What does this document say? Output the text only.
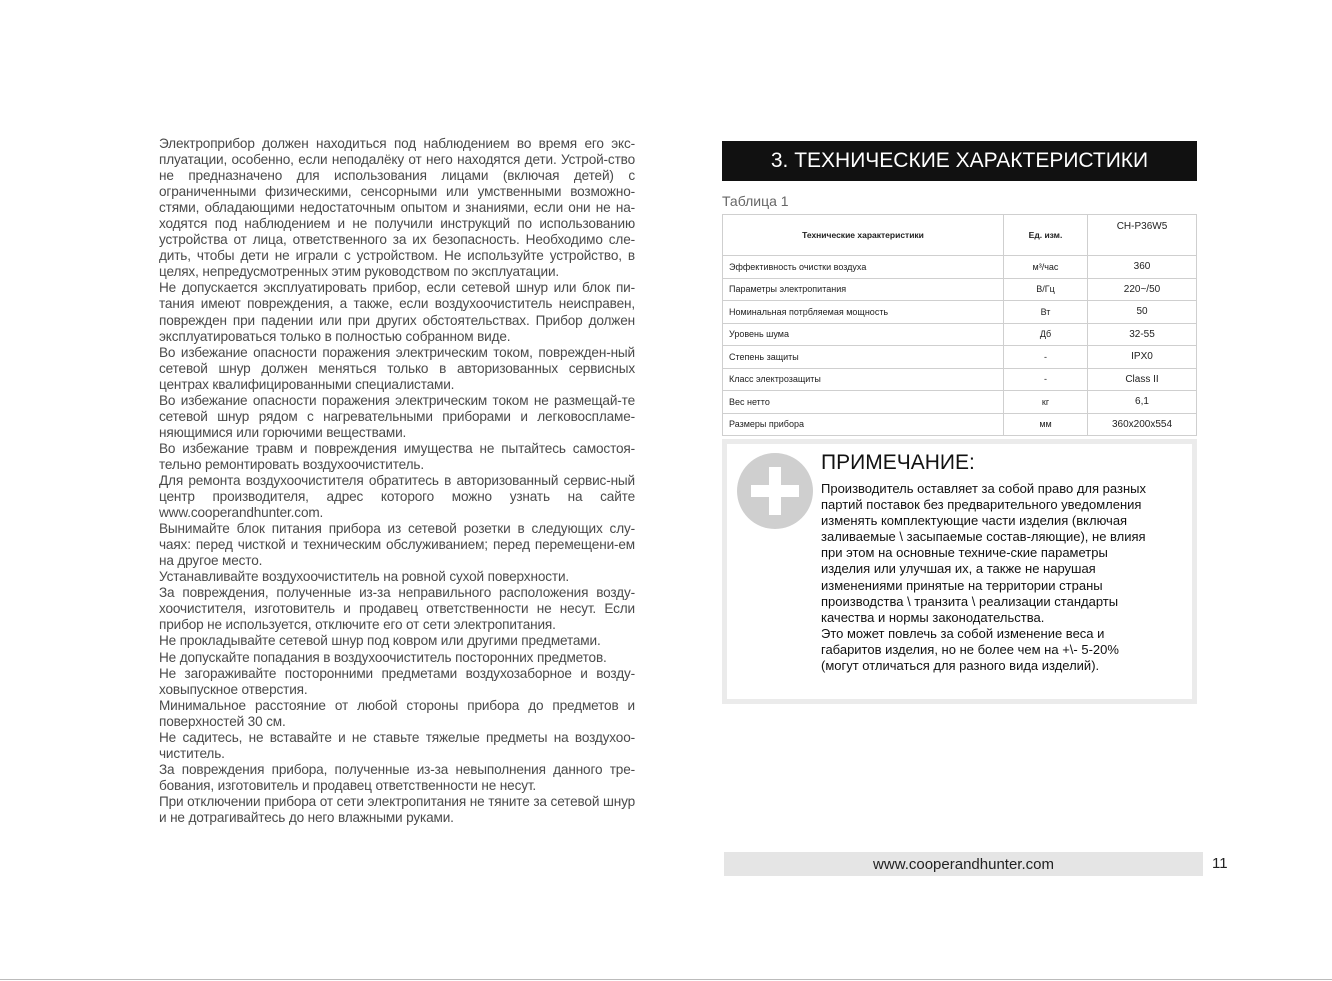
Электроприбор должен находиться под наблюдением во время его экс-плуатации, особенно, если неподалёку от него находятся дети. Устрой-ство не предназначено для использования лицами (включая детей) с ограниченными физическими, сенсорными или умственными возможно-стями, обладающими недостаточным опытом и знаниями, если они не на-ходятся под наблюдением и не получили инструкций по использованию устройства от лица, ответственного за их безопасность. Необходимо сле-дить, чтобы дети не играли с устройством. Не используйте устройство, в целях, непредусмотренных этим руководством по эксплуатации.

Не допускается эксплуатировать прибор, если сетевой шнур или блок пи-тания имеют повреждения, а также, если воздухоочиститель неисправен, поврежден при падении или при других обстоятельствах. Прибор должен эксплуатироваться только в полностью собранном виде.

Во избежание опасности поражения электрическим током, поврежден-ный сетевой шнур должен меняться только в авторизованных сервисных центрах квалифицированными специалистами.

Во избежание опасности поражения электрическим током не размещай-те сетевой шнур рядом с нагревательными приборами и легковоспламе-няющимися или горючими веществами.

Во избежание травм и повреждения имущества не пытайтесь самостоя-тельно ремонтировать воздухоочиститель.

Для ремонта воздухоочистителя обратитесь в авторизованный сервис-ный центр производителя, адрес которого можно узнать на сайте www.cooperandhunter.com.

Вынимайте блок питания прибора из сетевой розетки в следующих слу-чаях: перед чисткой и техническим обслуживанием; перед перемещени-ем на другое место.

Устанавливайте воздухоочиститель на ровной сухой поверхности.

За повреждения, полученные из-за неправильного расположения возду-хоочистителя, изготовитель и продавец ответственности не несут. Если прибор не используется, отключите его от сети электропитания.

Не прокладывайте сетевой шнур под ковром или другими предметами.

Не допускайте попадания в воздухоочиститель посторонних предметов.

Не загораживайте посторонними предметами воздухозаборное и возду-ховыпускное отверстия.

Минимальное расстояние от любой стороны прибора до предметов и поверхностей 30 см.

Не садитесь, не вставайте и не ставьте тяжелые предметы на воздухоо-чиститель.

За повреждения прибора, полученные из-за невыполнения данного тре-бования, изготовитель и продавец ответственности не несут.

При отключении прибора от сети электропитания не тяните за сетевой шнур и не дотрагивайтесь до него влажными руками.

3. ТЕХНИЧЕСКИЕ ХАРАКТЕРИСТИКИ
Таблица 1
Технические характеристики	Ед. изм.	CH-P36W5
Эффективность очистки воздуха	м³/час	360
Параметры электропитания	В/Гц	220~/50
Номинальная потрбляемая мощность	Вт	50
Уровень шума	Дб	32-55
Степень защиты	-	IPX0
Класс электрозащиты	-	Class II
Вес нетто	кг	6,1
Размеры прибора	мм	360x200x554
ПРИМЕЧАНИЕ:

Производитель оставляет за собой право для разных партий поставок без предварительного уведомления изменять комплектующие части изделия (включая заливаемые \ засыпаемые состав-ляющие), не влияя при этом на основные техниче-ские параметры изделия или улучшая их, а также не нарушая изменениями принятые на территории страны производства \ транзита \ реализации стандарты качества и нормы законодательства.

Это может повлечь за собой изменение веса и габаритов изделия, но не более чем на +\- 5-20% (могут отличаться для разного вида изделий).

www.cooperandhunter.com	11
